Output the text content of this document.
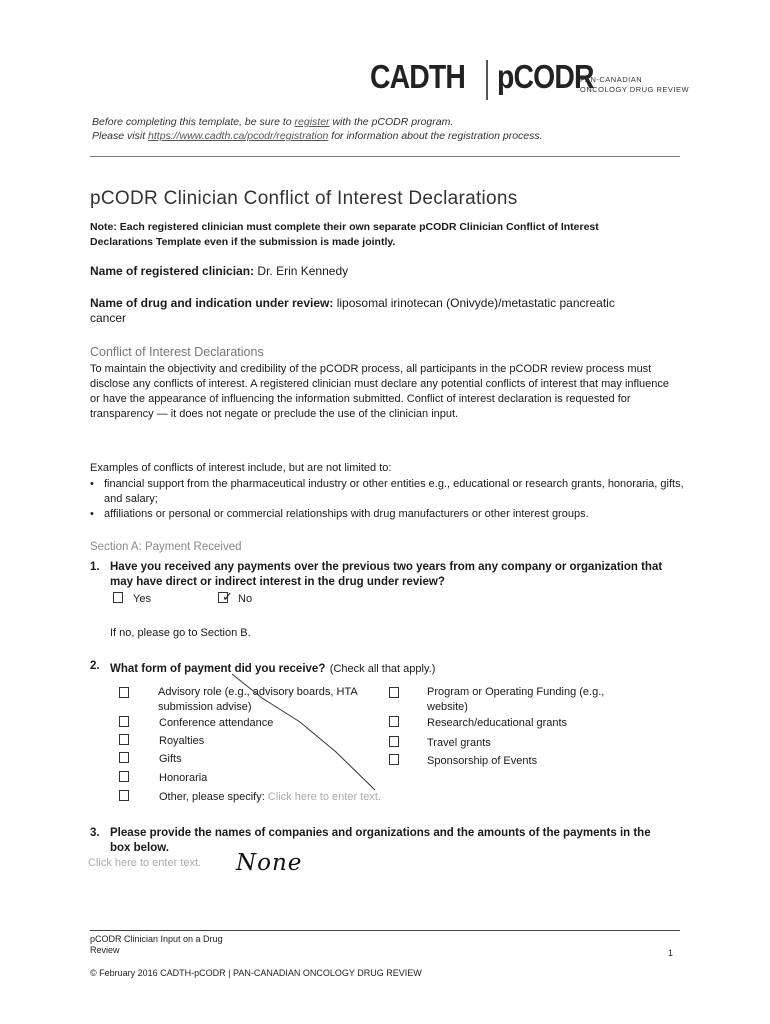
CADTH pCODR
PAN-CANADIAN
ONCOLOGY DRUG REVIEW
Before completing this template, be sure to register with the pCODR program.
Please visit https://www.cadth.ca/pcodr/registration for information about the registration process.
pCODR Clinician Conflict of Interest Declarations
Note: Each registered clinician must complete their own separate pCODR Clinician Conflict of Interest Declarations Template even if the submission is made jointly.
Name of registered clinician: Dr. Erin Kennedy
Name of drug and indication under review: liposomal irinotecan (Onivyde)/metastatic pancreatic cancer
Conflict of Interest Declarations
To maintain the objectivity and credibility of the pCODR process, all participants in the pCODR review process must disclose any conflicts of interest. A registered clinician must declare any potential conflicts of interest that may influence or have the appearance of influencing the information submitted. Conflict of interest declaration is requested for transparency — it does not negate or preclude the use of the clinician input.
Examples of conflicts of interest include, but are not limited to:
• financial support from the pharmaceutical industry or other entities e.g., educational or research grants, honoraria, gifts, and salary;
• affiliations or personal or commercial relationships with drug manufacturers or other interest groups.
Section A: Payment Received
1. Have you received any payments over the previous two years from any company or organization that may have direct or indirect interest in the drug under review?
Yes	No
✓
If no, please go to Section B.
2. What form of payment did you receive? (Check all that apply.)
Advisory role (e.g., advisory boards, HTA submission advise)
Conference attendance
Royalties
Gifts
Honoraria
Other, please specify: Click here to enter text.
Program or Operating Funding (e.g., website)
Research/educational grants
Travel grants
Sponsorship of Events
3. Please provide the names of companies and organizations and the amounts of the payments in the box below.
Click here to enter text. None
pCODR Clinician Input on a Drug Review	1
© February 2016 CADTH-pCODR | PAN-CANADIAN ONCOLOGY DRUG REVIEW
